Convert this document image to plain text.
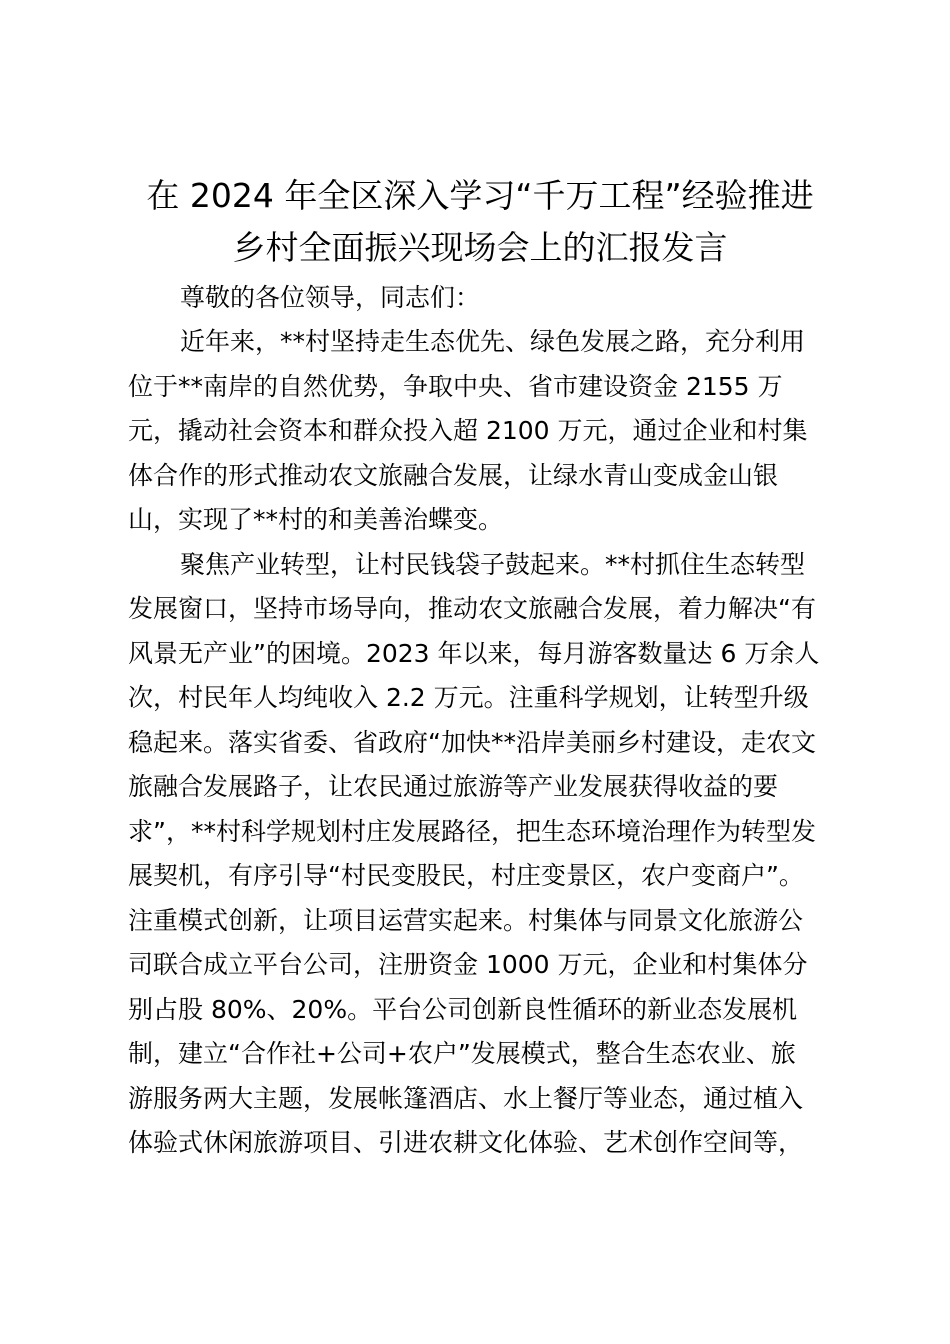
在 2024 年全区深入学习“千万工程”经验推进
乡村全面振兴现场会上的汇报发言

尊敬的各位领导，同志们：

近年来，**村坚持走生态优先、绿色发展之路，充分利用

位于**南岸的自然优势，争取中央、省市建设资金 2155 万

元，撬动社会资本和群众投入超 2100 万元，通过企业和村集

体合作的形式推动农文旅融合发展，让绿水青山变成金山银

山，实现了**村的和美善治蝶变。

聚焦产业转型，让村民钱袋子鼓起来。**村抓住生态转型

发展窗口，坚持市场导向，推动农文旅融合发展，着力解决“有

风景无产业”的困境。2023 年以来，每月游客数量达 6 万余人

次，村民年人均纯收入 2.2 万元。注重科学规划，让转型升级

稳起来。落实省委、省政府“加快**沿岸美丽乡村建设，走农文

旅融合发展路子，让农民通过旅游等产业发展获得收益的要

求”，**村科学规划村庄发展路径，把生态环境治理作为转型发

展契机，有序引导“村民变股民，村庄变景区，农户变商户”。

注重模式创新，让项目运营实起来。村集体与同景文化旅游公

司联合成立平台公司，注册资金 1000 万元，企业和村集体分

别占股 80%、20%。平台公司创新良性循环的新业态发展机

制，建立“合作社+公司+农户”发展模式，整合生态农业、旅

游服务两大主题，发展帐篷酒店、水上餐厅等业态，通过植入

体验式休闲旅游项目、引进农耕文化体验、艺术创作空间等，
